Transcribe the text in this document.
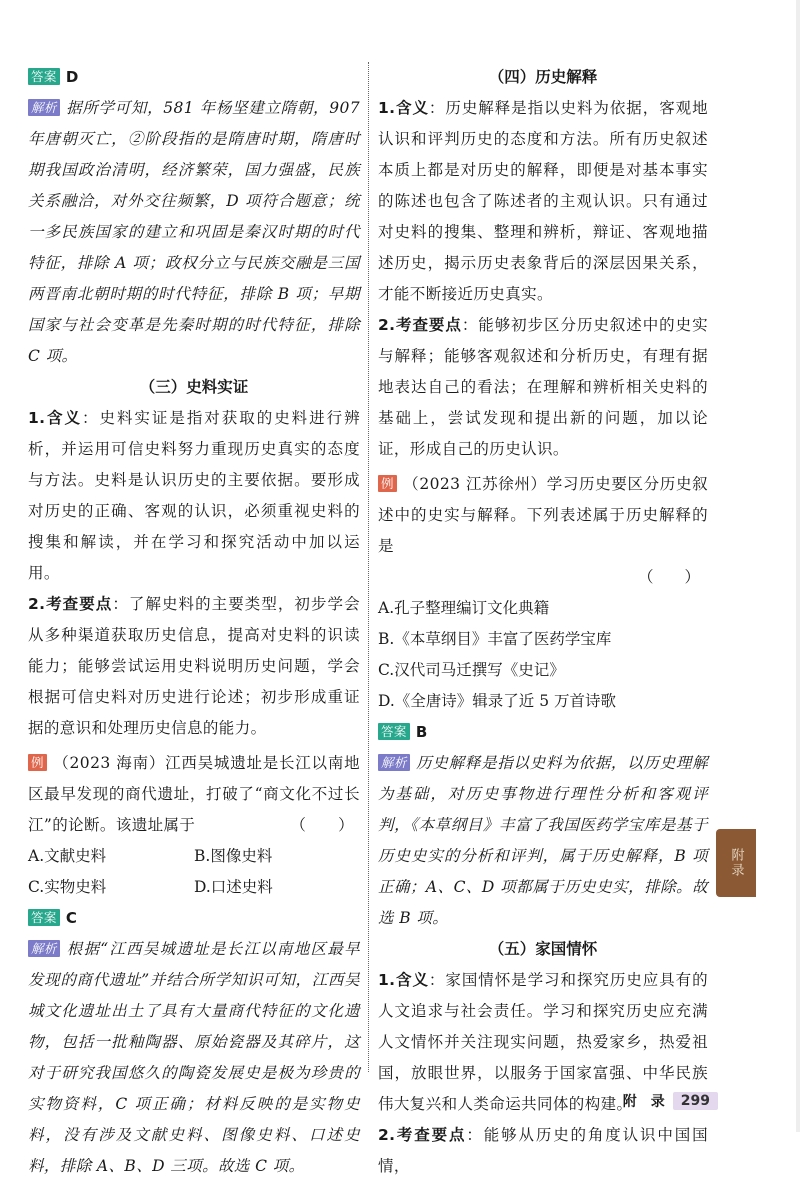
答案 D

解析 据所学可知，581 年杨坚建立隋朝，907 年唐朝灭亡，②阶段指的是隋唐时期，隋唐时期我国政治清明，经济繁荣，国力强盛，民族关系融洽，对外交往频繁，D 项符合题意；统一多民族国家的建立和巩固是秦汉时期的时代特征，排除 A 项；政权分立与民族交融是三国两晋南北朝时期的时代特征，排除 B 项；早期国家与社会变革是先秦时期的时代特征，排除 C 项。

（三）史料实证

1.含义：史料实证是指对获取的史料进行辨析，并运用可信史料努力重现历史真实的态度与方法。史料是认识历史的主要依据。要形成对历史的正确、客观的认识，必须重视史料的搜集和解读，并在学习和探究活动中加以运用。

2.考查要点：了解史料的主要类型，初步学会从多种渠道获取历史信息，提高对史料的识读能力；能够尝试运用史料说明历史问题，学会根据可信史料对历史进行论述；初步形成重证据的意识和处理历史信息的能力。

例 （2023 海南）江西吴城遗址是长江以南地区最早发现的商代遗址，打破了“商文化不过长江”的论断。该遗址属于	（　　）

A.文献史料	B.图像史料
C.实物史料	D.口述史料

答案 C

解析 根据“江西吴城遗址是长江以南地区最早发现的商代遗址”并结合所学知识可知，江西吴城文化遗址出土了具有大量商代特征的文化遗物，包括一批釉陶器、原始瓷器及其碎片，这对于研究我国悠久的陶瓷发展史是极为珍贵的实物资料，C 项正确；材料反映的是实物史料，没有涉及文献史料、图像史料、口述史料，排除 A、B、D 三项。故选 C 项。

（四）历史解释

1.含义：历史解释是指以史料为依据，客观地认识和评判历史的态度和方法。所有历史叙述本质上都是对历史的解释，即便是对基本事实的陈述也包含了陈述者的主观认识。只有通过对史料的搜集、整理和辨析，辩证、客观地描述历史，揭示历史表象背后的深层因果关系，才能不断接近历史真实。

2.考查要点：能够初步区分历史叙述中的史实与解释；能够客观叙述和分析历史，有理有据地表达自己的看法；在理解和辨析相关史料的基础上，尝试发现和提出新的问题，加以论证，形成自己的历史认识。

例 （2023 江苏徐州）学习历史要区分历史叙述中的史实与解释。下列表述属于历史解释的是

（　　）

A.孔子整理编订文化典籍

B.《本草纲目》丰富了医药学宝库

C.汉代司马迁撰写《史记》

D.《全唐诗》辑录了近 5 万首诗歌

答案 B

解析 历史解释是指以史料为依据，以历史理解为基础，对历史事物进行理性分析和客观评判，《本草纲目》丰富了我国医药学宝库是基于历史史实的分析和评判，属于历史解释，B 项正确；A、C、D 项都属于历史史实，排除。故选 B 项。

（五）家国情怀

1.含义：家国情怀是学习和探究历史应具有的人文追求与社会责任。学习和探究历史应充满人文情怀并关注现实问题，热爱家乡，热爱祖国，放眼世界，以服务于国家富强、中华民族伟大复兴和人类命运共同体的构建。

2.考查要点：能够从历史的角度认识中国国情，

附录
附　录	299
